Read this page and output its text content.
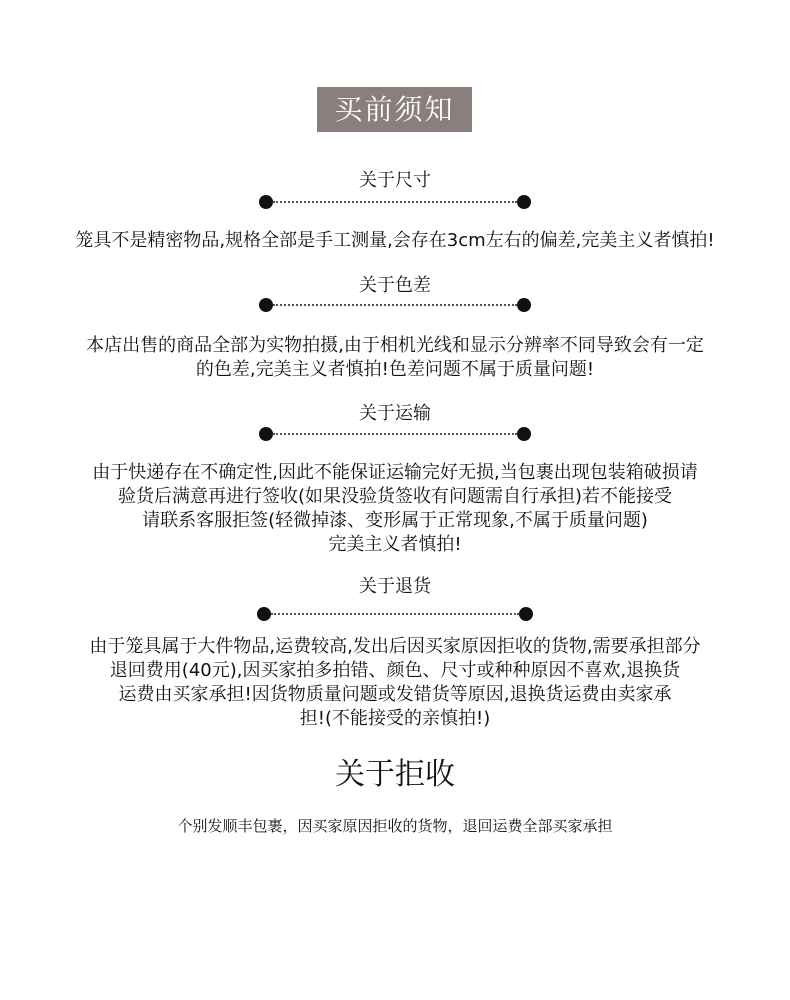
买前须知
关于尺寸
笼具不是精密物品,规格全部是手工测量,会存在3cm左右的偏差,完美主义者慎拍!
关于色差
本店出售的商品全部为实物拍摄,由于相机光线和显示分辨率不同导致会有一定
的色差,完美主义者慎拍!色差问题不属于质量问题!
关于运输
由于快递存在不确定性,因此不能保证运输完好无损,当包裹出现包装箱破损请
验货后满意再进行签收(如果没验货签收有问题需自行承担)若不能接受
请联系客服拒签(轻微掉漆、变形属于正常现象,不属于质量问题)
完美主义者慎拍!
关于退货
由于笼具属于大件物品,运费较高,发出后因买家原因拒收的货物,需要承担部分
退回费用(40元),因买家拍多拍错、颜色、尺寸或种种原因不喜欢,退换货
运费由买家承担!因货物质量问题或发错货等原因,退换货运费由卖家承
担!(不能接受的亲慎拍!)
关于拒收
个别发顺丰包裹，因买家原因拒收的货物，退回运费全部买家承担
